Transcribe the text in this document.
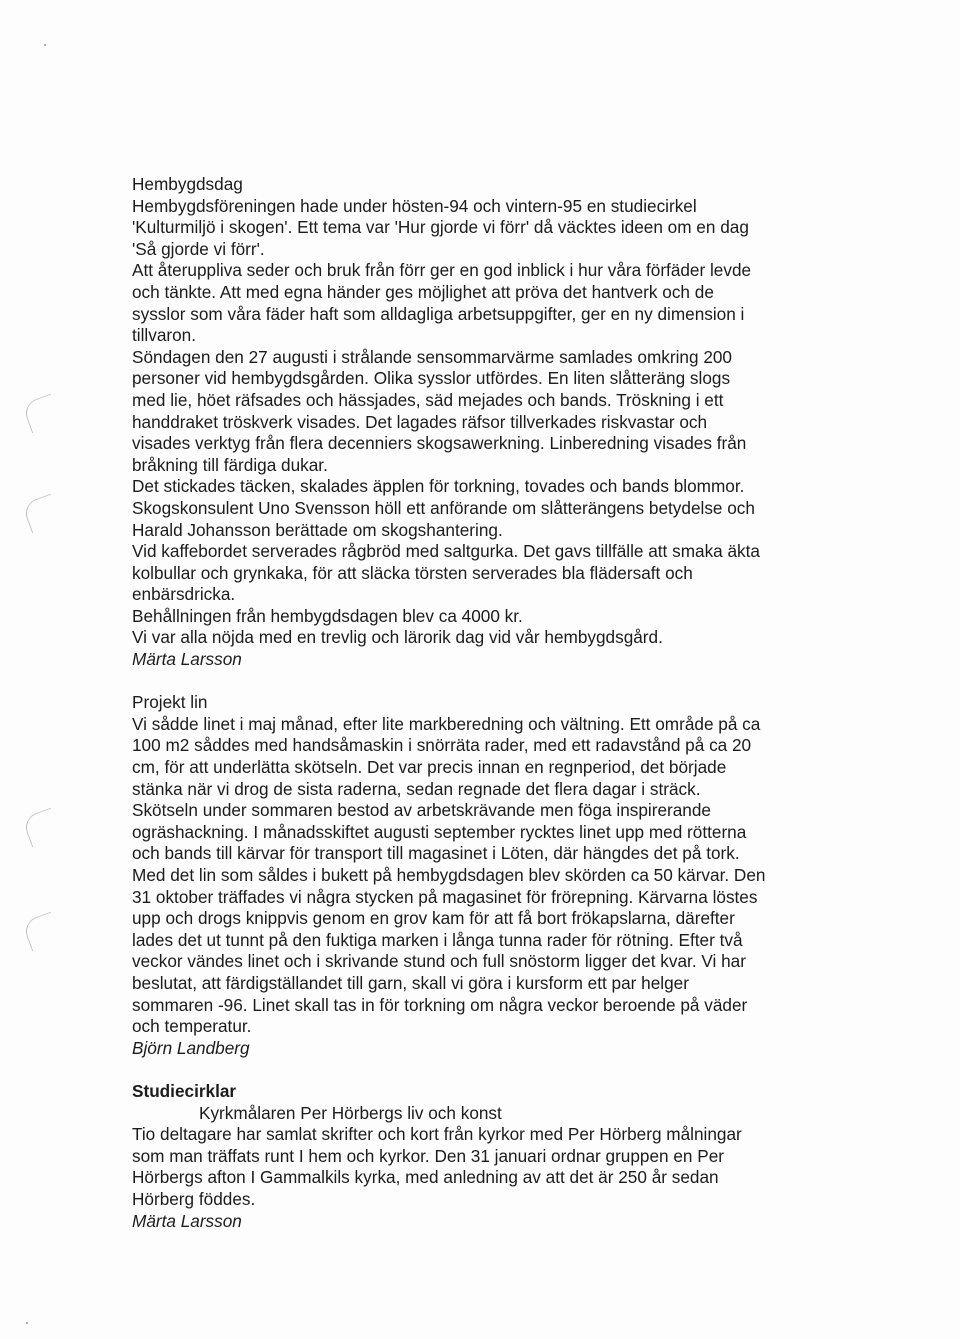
Hembygdsdag
Hembygdsföreningen hade under hösten-94 och vintern-95 en studiecirkel
'Kulturmiljö i skogen'. Ett tema var 'Hur gjorde vi förr' då väcktes ideen om en dag
'Så gjorde vi förr'.
Att återuppliva seder och bruk från förr ger en god inblick i hur våra förfäder levde
och tänkte. Att med egna händer ges möjlighet att pröva det hantverk och de
sysslor som våra fäder haft som alldagliga arbetsuppgifter, ger en ny dimension i
tillvaron.
Söndagen den 27 augusti i strålande sensommarvärme samlades omkring 200
personer vid hembygdsgården. Olika sysslor utfördes. En liten slåtteräng slogs
med lie, höet räfsades och hässjades, säd mejades och bands. Tröskning i ett
handdraket tröskverk visades. Det lagades räfsor tillverkades riskvastar och
visades verktyg från flera decenniers skogsawerkning. Linberedning visades från
bråkning till färdiga dukar.
Det stickades täcken, skalades äpplen för torkning, tovades och bands blommor.
Skogskonsulent Uno Svensson höll ett anförande om slåtterängens betydelse och
Harald Johansson berättade om skogshantering.
Vid kaffebordet serverades rågbröd med saltgurka. Det gavs tillfälle att smaka äkta
kolbullar och grynkaka, för att släcka törsten serverades bla flädersaft och
enbärsdricka.
Behållningen från hembygdsdagen blev ca 4000 kr.
Vi var alla nöjda med en trevlig och lärorik dag vid vår hembygdsgård.
Märta Larsson
Projekt lin
Vi sådde linet i maj månad, efter lite markberedning och vältning. Ett område på ca
100 m2 såddes med handsåmaskin i snörräta rader, med ett radavstånd på ca 20
cm, för att underlätta skötseln. Det var precis innan en regnperiod, det började
stänka när vi drog de sista raderna, sedan regnade det flera dagar i sträck.
Skötseln under sommaren bestod av arbetskrävande men föga inspirerande
ogräshackning. I månadsskiftet augusti september rycktes linet upp med rötterna
och bands till kärvar för transport till magasinet i Löten, där hängdes det på tork.
Med det lin som såldes i bukett på hembygdsdagen blev skörden ca 50 kärvar. Den
31 oktober träffades vi några stycken på magasinet för frörepning. Kärvarna löstes
upp och drogs knippvis genom en grov kam för att få bort frökapslarna, därefter
lades det ut tunnt på den fuktiga marken i långa tunna rader för rötning. Efter två
veckor vändes linet och i skrivande stund och full snöstorm ligger det kvar. Vi har
beslutat, att färdigställandet till garn, skall vi göra i kursform ett par helger
sommaren -96. Linet skall tas in för torkning om några veckor beroende på väder
och temperatur.
Björn Landberg
Studiecirklar
Kyrkmålaren Per Hörbergs liv och konst
Tio deltagare har samlat skrifter och kort från kyrkor med Per Hörberg målningar
som man träffats runt I hem och kyrkor. Den 31 januari ordnar gruppen en Per
Hörbergs afton I Gammalkils kyrka, med anledning av att det är 250 år sedan
Hörberg föddes.
Märta Larsson
